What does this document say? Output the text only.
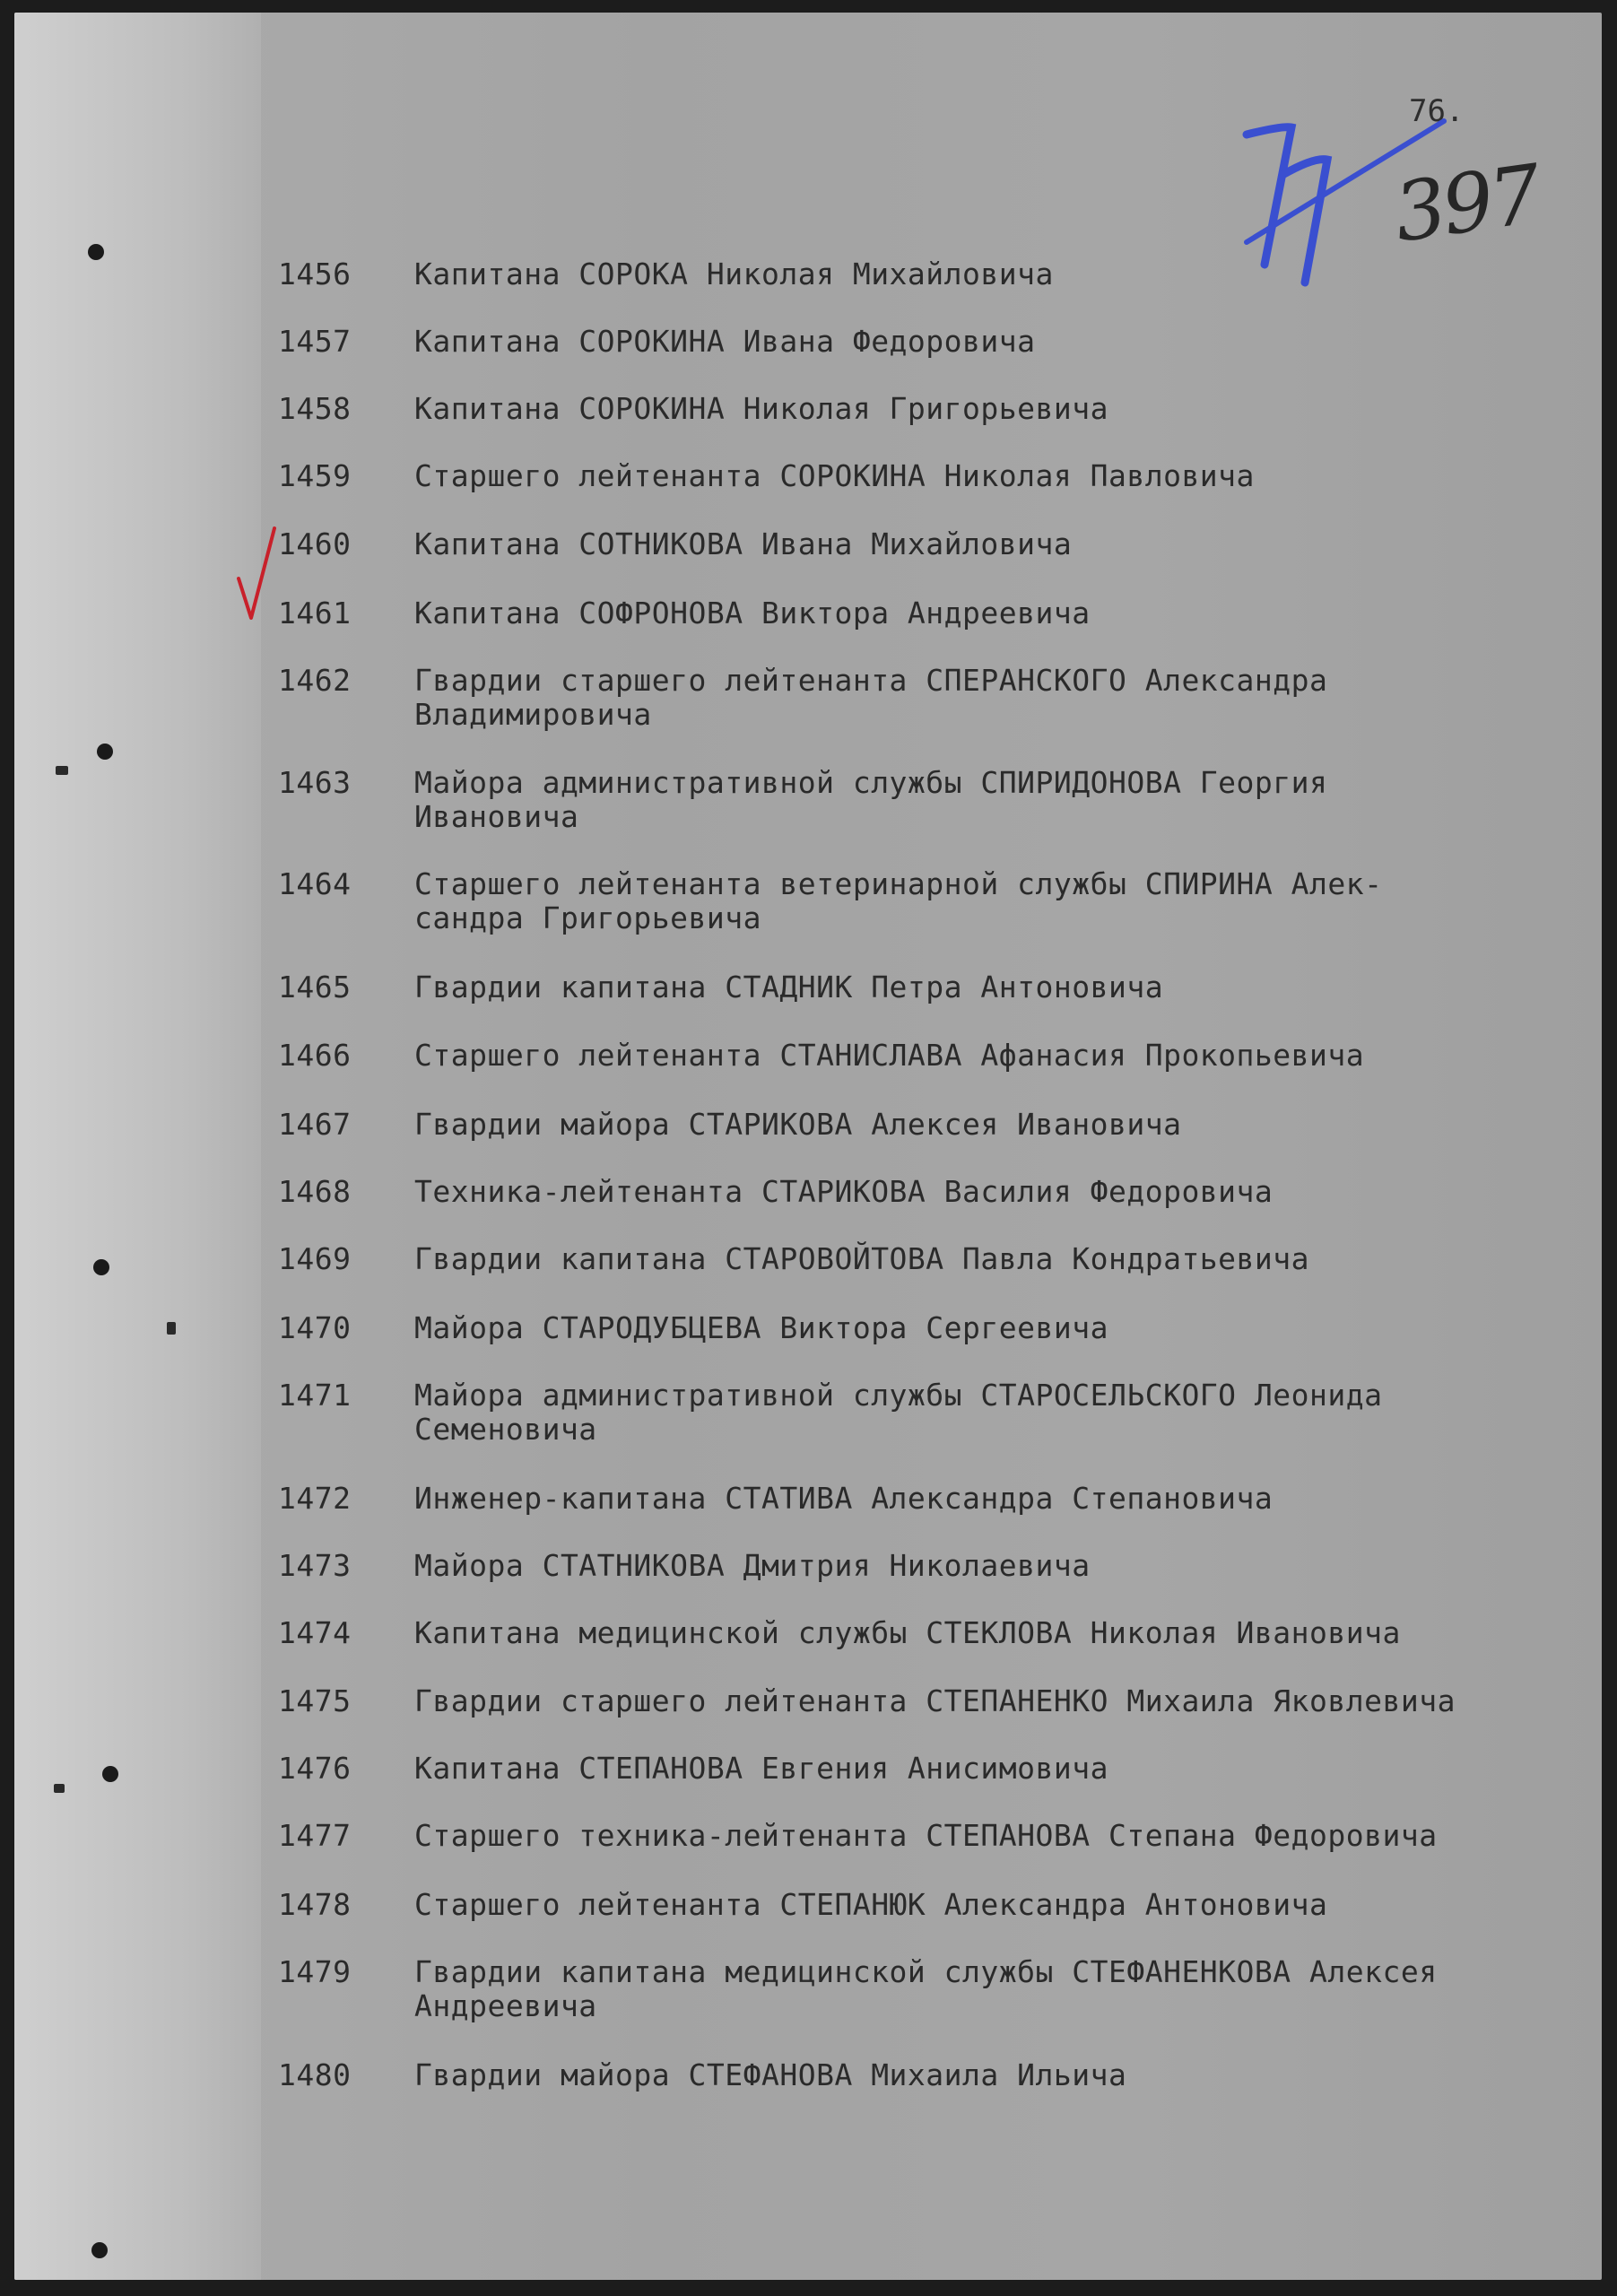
76.
397
1456	Капитана СОРОКА Николая Михайловича
1457	Капитана СОРОКИНА Ивана Федоровича
1458	Капитана СОРОКИНА Николая Григорьевича
1459	Старшего лейтенанта СОРОКИНА Николая Павловича
1460	Капитана СОТНИКОВА Ивана Михайловича
1461	Капитана СОФРОНОВА Виктора Андреевича
1462	Гвардии старшего лейтенанта СПЕРАНСКОГО Александра
Владимировича
1463	Майора административной службы СПИРИДОНОВА Георгия
Ивановича
1464	Старшего лейтенанта ветеринарной службы СПИРИНА Алек-
сандра Григорьевича
1465	Гвардии капитана СТАДНИК Петра Антоновича
1466	Старшего лейтенанта СТАНИСЛАВА Афанасия Прокопьевича
1467	Гвардии майора СТАРИКОВА Алексея Ивановича
1468	Техника-лейтенанта СТАРИКОВА Василия Федоровича
1469	Гвардии капитана СТАРОВОЙТОВА Павла Кондратьевича
1470	Майора СТАРОДУБЦЕВА Виктора Сергеевича
1471	Майора административной службы СТАРОСЕЛЬСКОГО Леонида
Семеновича
1472	Инженер-капитана СТАТИВА Александра Степановича
1473	Майора СТАТНИКОВА Дмитрия Николаевича
1474	Капитана медицинской службы СТЕКЛОВА Николая Ивановича
1475	Гвардии старшего лейтенанта СТЕПАНЕНКО Михаила Яковлевича
1476	Капитана СТЕПАНОВА Евгения Анисимовича
1477	Старшего техника-лейтенанта СТЕПАНОВА Степана Федоровича
1478	Старшего лейтенанта СТЕПАНЮК Александра Антоновича
1479	Гвардии капитана медицинской службы СТЕФАНЕНКОВА Алексея
Андреевича
1480	Гвардии майора СТЕФАНОВА Михаила Ильича
